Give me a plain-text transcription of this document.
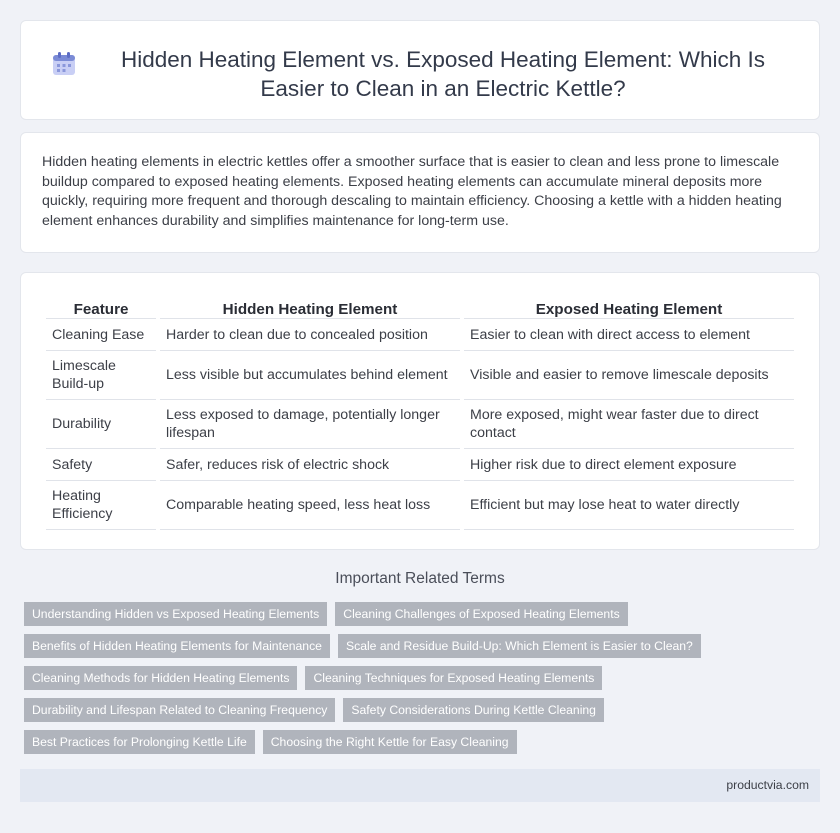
Hidden Heating Element vs. Exposed Heating Element: Which Is Easier to Clean in an Electric Kettle?

Hidden heating elements in electric kettles offer a smoother surface that is easier to clean and less prone to limescale buildup compared to exposed heating elements. Exposed heating elements can accumulate mineral deposits more quickly, requiring more frequent and thorough descaling to maintain efficiency. Choosing a kettle with a hidden heating element enhances durability and simplifies maintenance for long-term use.

Feature	Hidden Heating Element	Exposed Heating Element
Cleaning Ease	Harder to clean due to concealed position	Easier to clean with direct access to element
Limescale Build-up	Less visible but accumulates behind element	Visible and easier to remove limescale deposits
Durability	Less exposed to damage, potentially longer lifespan	More exposed, might wear faster due to direct contact
Safety	Safer, reduces risk of electric shock	Higher risk due to direct element exposure
Heating Efficiency	Comparable heating speed, less heat loss	Efficient but may lose heat to water directly
Important Related Terms
Understanding Hidden vs Exposed Heating Elements	Cleaning Challenges of Exposed Heating Elements
Benefits of Hidden Heating Elements for Maintenance	Scale and Residue Build-Up: Which Element is Easier to Clean?
Cleaning Methods for Hidden Heating Elements	Cleaning Techniques for Exposed Heating Elements
Durability and Lifespan Related to Cleaning Frequency	Safety Considerations During Kettle Cleaning
Best Practices for Prolonging Kettle Life	Choosing the Right Kettle for Easy Cleaning
productvia.com
